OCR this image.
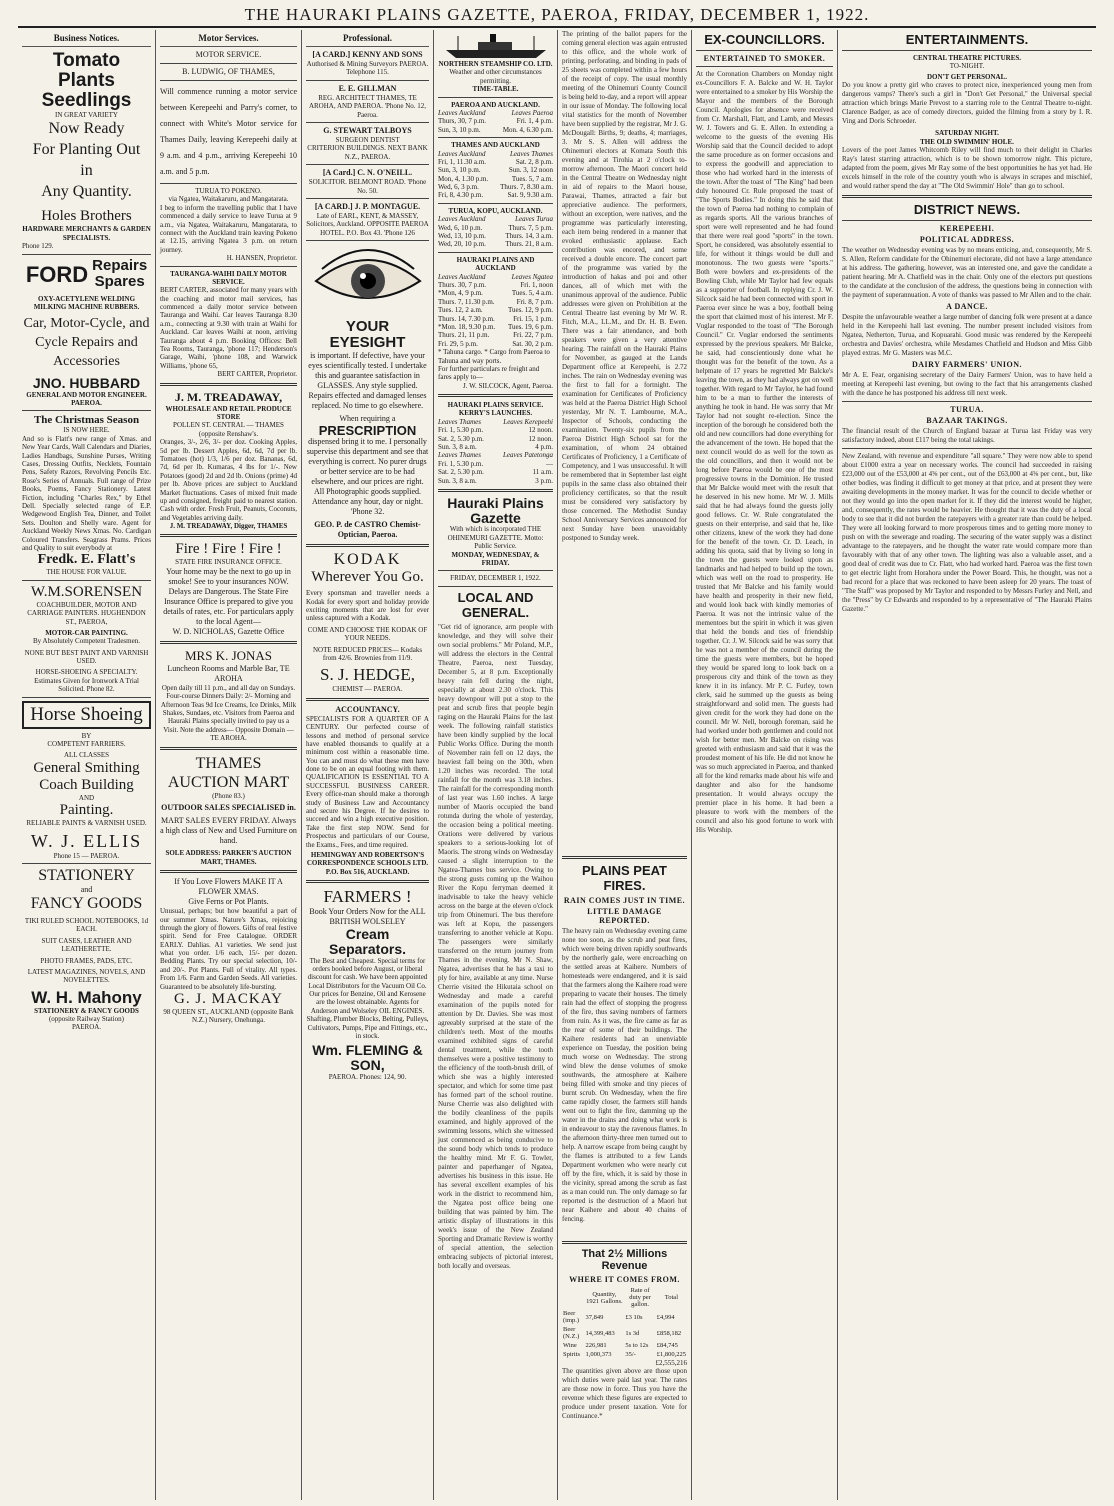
THE HAURAKI PLAINS GAZETTE, PAEROA, FRIDAY, DECEMBER 1, 1922.
Business Notices.
Tomato Plants
Seedlings
IN GREAT VARIETY
Now Ready
For Planting Out
in
Any Quantity.
Holes Brothers
HARDWARE MERCHANTS & GARDEN SPECIALISTS.
Phone 129.
FORD Repairs
Spares
OXY-ACETYLENE WELDING
MILKING MACHINE RUBBERS.
Car, Motor-Cycle, and Cycle Repairs and Accessories
JNO. HUBBARD
GENERAL AND MOTOR ENGINEER. PAEROA.
The Christmas Season
IS NOW HERE.
And so is Flatt's new range of Xmas. and New Year Cards, Wall Calendars and Diaries, Ladies Handbags, Sunshine Purses, Writing Cases, Dressing Outfits, Necklets, Fountain Pens, Safety Razors, Revolving Pencils Etc. Rose's Series of Annuals. Full range of Prize Books, Poems, Fancy Stationery. Latest Fiction, including "Charles Rex," by Ethel Dell. Specially selected range of E.P. Wedgewood English Tea, Dinner, and Toilet Sets. Doulton and Shelly ware. Agent for Auckland Weekly News Xmas. No. Cardigan Coloured Transfers. Seagrass Prams. Prices and Quality to suit everybody at
Fredk. E. Flatt's
THE HOUSE FOR VALUE.
W.M.SORENSEN
COACHBUILDER, MOTOR AND CARRIAGE PAINTERS. HUGHENDON ST., PAEROA,
MOTOR-CAR PAINTING.
By Absolutely Competent Tradesmen.
NONE BUT BEST PAINT AND VARNISH USED.
HORSE-SHOEING A SPECIALTY.
Estimates Given for Ironwork A Trial Solicited. Phone 82.
Horse Shoeing
BY
COMPETENT FARRIERS.
ALL CLASSES
General Smithing
Coach Building
AND
Painting.
RELIABLE PAINTS & VARNISH USED.
W. J. ELLIS
Phone 15 — PAEROA.
STATIONERY
and
FANCY GOODS
TIKI RULED SCHOOL NOTEBOOKS, 1d EACH.
SUIT CASES, LEATHER AND LEATHERETTE.
PHOTO FRAMES, PADS, ETC.
LATEST MAGAZINES, NOVELS, AND NOVELETTES.
W. H. Mahony
STATIONERY & FANCY GOODS
(opposite Railway Station)
PAEROA.
Motor Services.
MOTOR SERVICE.
B. LUDWIG, OF THAMES,
Will commence running a motor service between Kerepeehi and Parry's corner, to connect with White's Motor service for Thames Daily, leaving Kerepeehi daily at 9 a.m. and 4 p.m., arriving Kerepeehi 10 a.m. and 5 p.m.
TURUA TO POKENO.
via Ngatea, Waitakaruru, and Mangatarata.
I beg to inform the travelling public that I have commenced a daily service to leave Turua at 9 a.m., via Ngatea, Waitakaruru, Mangatarata, to connect with the Auckland train leaving Pokeno at 12.15, arriving Ngatea 3 p.m. on return journey.
H. HANSEN, Proprietor.
TAURANGA-WAIHI DAILY MOTOR SERVICE.
BERT CARTER, associated for many years with the coaching and motor mail services, has commenced a daily motor service between Tauranga and Waihi. Car leaves Tauranga 8.30 a.m., connecting at 9.30 with train at Waihi for Auckland. Car leaves Waihi at noon, arriving Tauranga about 4 p.m. Booking Offices: Bell Tea Rooms, Tauranga, 'phone 117; Henderson's Garage, Waihi, 'phone 108, and Warwick Williams, 'phone 65,
BERT CARTER, Proprietor.
J. M. TREADAWAY,
WHOLESALE AND RETAIL PRODUCE STORE
POLLEN ST. CENTRAL — THAMES (opposite Renshaw's.
Oranges, 3/-, 2/6, 3/- per doz. Cooking Apples, 5d per lb. Dessert Apples, 6d, 6d, 7d per lb. Tomatoes (hot) 1/3, 1/6 per doz. Bananas, 6d, 7d, 6d per lb. Kumaras, 4 lbs for 1/-. New Potatoes (good) 2d and 2d lb. Onions (prime) 4d per lb. Above prices are subject to Auckland Market fluctuations. Cases of mixed fruit made up and consigned, freight paid to nearest station. Cash with order. Fresh Fruit, Peanuts, Coconuts, and Vegetables arriving daily.
J. M. TREADAWAY, Digger, THAMES
Fire ! Fire ! Fire !
STATE FIRE INSURANCE OFFICE.
Your home may be the next to go up in smoke! See to your insurances NOW. Delays are Dangerous. The State Fire Insurance Office is prepared to give you details of rates, etc. For particulars apply to the local Agent—
W. D. NICHOLAS, Gazette Office
MRS K. JONAS
Luncheon Rooms and Marble Bar, TE AROHA
Open daily till 11 p.m., and all day on Sundays. Four-course Dinners Daily: 2/- Morning and Afternoon Teas 9d Ice Creams, Ice Drinks, Milk Shakes, Sundaes, etc. Visitors from Paeroa and Hauraki Plains specially invited to pay us a Visit. Note the address— Opposite Domain — TE AROHA.
THAMES AUCTION MART
(Phone 83.)
OUTDOOR SALES SPECIALISED in.
MART SALES EVERY FRIDAY. Always a high class of New and Used Furniture on hand.
SOLE ADDRESS: PARKER'S AUCTION MART, THAMES.
If You Love Flowers MAKE IT A FLOWER XMAS.
Give Ferns or Pot Plants.
Unusual, perhaps; but how beautiful a part of our summer Xmas. Nature's Xmas, rejoicing through the glory of flowers. Gifts of real festive spirit. Send for Free Catalogue. ORDER EARLY. Dahlias. A1 varieties. We send just what you order. 1/6 each, 15/- per dozen. Bedding Plants. Try our special selection, 10/- and 20/-. Pot Plants. Full of vitality. All types. From 1/6. Farm and Garden Seeds. All varieties. Guaranteed to be absolutely life-bursting.
G. J. MACKAY
98 QUEEN ST., AUCKLAND (opposite Bank N.Z.) Nursery, Onehunga.
Professional.
[A CARD.] KENNY AND SONS
Authorised & Mining Surveyors PAEROA. Telephone 115.
E. E. GILLMAN
REG. ARCHITECT THAMES, TE AROHA, AND PAEROA. 'Phone No. 12, Paeroa.
G. STEWART TALBOYS
SURGEON DENTIST
CRITERION BUILDINGS. NEXT BANK N.Z., PAEROA.
[A Card.] C. N. O'NEILL.
SOLICITOR. BELMONT ROAD. 'Phone No. 50.
[A CARD.] J. P. MONTAGUE.
Late of EARL, KENT, & MASSEY, Solicitors, Auckland. OPPOSITE PAEROA HOTEL. P.O. Box 43. 'Phone 126
YOUR EYESIGHT
is important. If defective, have your eyes scientifically tested. I undertake this and guarantee satisfaction in GLASSES. Any style supplied. Repairs effected and damaged lenses replaced. No time to go elsewhere.
When requiring a
PRESCRIPTION
dispensed bring it to me. I personally supervise this department and see that everything is correct. No purer drugs or better service are to be had elsewhere, and our prices are right. All Photographic goods supplied. Attendance any hour, day or night. 'Phone 32.
GEO. P. de CASTRO Chemist-Optician, Paeroa.
KODAK
Wherever You Go.
Every sportsman and traveller needs a Kodak for every sport and holiday provide exciting moments that are lost for ever unless captured with a Kodak.
COME AND CHOOSE THE KODAK OF YOUR NEEDS.
NOTE REDUCED PRICES— Kodaks from 42/6. Brownies from 11/9.
S. J. HEDGE,
CHEMIST — PAEROA.
ACCOUNTANCY.
SPECIALISTS FOR A QUARTER OF A CENTURY. Our perfected course of lessons and method of personal service have enabled thousands to qualify at a minimum cost within a reasonable time. You can and must do what these men have done to be on an equal footing with them. QUALIFICATION IS ESSENTIAL TO A SUCCESSFUL BUSINESS CAREER. Every office-man should make a thorough study of Business Law and Accountancy and secure his Degree. If he desires to succeed and win a high executive position. Take the first step NOW. Send for Prospectus and particulars of our Course, the Exams., Fees, and time required.
HEMINGWAY AND ROBERTSON'S CORRESPONDENCE SCHOOLS LTD. P.O. Box 516, AUCKLAND.
FARMERS !
Book Your Orders Now for the ALL BRITISH WOLSELEY
Cream Separators.
The Best and Cheapest. Special terms for orders booked before August, or liberal discount for cash. We have been appointed Local Distributors for the Vacuum Oil Co. Our prices for Benzine, Oil and Kerosene are the lowest obtainable. Agents for Anderson and Wolseley OIL ENGINES. Shafting, Plumber Blocks, Belting, Pulleys, Cultivators, Pumps, Pipe and Fittings, etc., in stock.
Wm. FLEMING & SON,
PAEROA. Phones: 124, 90.
NORTHERN STEAMSHIP CO. LTD.
Weather and other circumstances permitting.
TIME-TABLE.
PAEROA AND AUCKLAND.
Leaves Auckland	Leaves Paeroa
Thurs, 30, 7 p.m.	Fri. 1, 4 p.m.
Sun, 3, 10 p.m.	Mon. 4, 6.30 p.m.
THAMES AND AUCKLAND
Leaves Auckland	Leaves Thames
Fri, 1, 11.30 a.m.	Sat. 2, 8 p.m.
Sun, 3, 10 p.m.	Sun. 3, 12 noon
Mon, 4, 1.30 p.m.	Tues. 5, 7 a.m.
Wed, 6, 3 p.m.	Thurs. 7, 8.30 a.m.
Fri, 8, 4.30 p.m.	Sat. 9, 9.30 a.m.
TURUA, KOPU, AUCKLAND.
Leaves Auckland	Leaves Turua
Wed, 6, 10 p.m.	Thurs. 7, 5 p.m.
Wed, 13, 10 p.m.	Thurs. 14, 3 a.m.
Wed, 20, 10 p.m.	Thurs. 21, 8 a.m.
HAURAKI PLAINS AND AUCKLAND
Leaves Auckland	Leaves Ngatea
Thurs. 30, 7 p.m.	Fri. 1, noon
*Mon, 4, 9 p.m.	Tues. 5, 4 a.m.
Thurs. 7, 11.30 p.m.	Fri. 8, 7 p.m.
Tues. 12, 2 a.m.	Tues. 12, 9 p.m.
Thurs. 14, 7.30 p.m.	Fri. 15, 1 p.m.
*Mon. 18, 9.30 p.m. Tues. 19, 6 p.m.
Thurs. 21, 11 p.m.	Fri. 22, 7 p.m.
Fri. 29, 5 p.m.	Sat. 30, 2 p.m.
* Tahuna cargo. * Cargo from Paeroa to Tahuna and way ports.
For further particulars re freight and fares apply to—
J. W. SILCOCK, Agent, Paeroa.
HAURAKI PLAINS SERVICE.
KERRY'S LAUNCHES.
Leaves Thames	Leaves Kerepeehi
Fri. 1, 5.30 p.m.	12 noon.
Sat. 2, 5.30 p.m.	12 noon.
Sun. 3, 8 a.m.	4 p.m.
Leaves Thames	Leaves Patetonga
Fri. 1, 5.30 p.m.	—
Sat. 2, 5.30 p.m.	11 a.m.
Sun. 3, 8 a.m.	3 p.m.
Hauraki Plains Gazette
With which is incorporated THE OHINEMURI GAZETTE. Motto: Public Service.
MONDAY, WEDNESDAY, & FRIDAY.
FRIDAY, DECEMBER 1, 1922.
LOCAL AND GENERAL.
"Get rid of ignorance, arm people with knowledge, and they will solve their own social problems." Mr Poland, M.P., will address the electors in the Central Theatre, Paeroa, next Tuesday, December 5, at 8 p.m. Exceptionally heavy rain fell during the night, especially at about 2.30 o'clock. This heavy downpour will put a stop to the peat and scrub fires that people begin raging on the Hauraki Plains for the last week. The following rainfall statistics have been kindly supplied by the local Public Works Office. During the month of November rain fell on 12 days, the heaviest fall being on the 30th, when 1.20 inches was recorded. The total rainfall for the month was 3.18 inches. The rainfall for the corresponding month of last year was 1.60 inches. A large number of Maoris occupied the band rotunda during the whole of yesterday, the occasion being a political meeting. Orations were delivered by various speakers to a serious-looking lot of Maoris. The strong winds on Wednesday caused a slight interruption to the Ngatea-Thames bus service. Owing to the strong gusts coming up the Waihou River the Kopu ferryman deemed it inadvisable to take the heavy vehicle across on the barge at the eleven o'clock trip from Ohinemuri. The bus therefore was left at Kopu, the passengers transferring to another vehicle at Kopu. The passengers were similarly transferred on the return journey from Thames in the evening. Mr N. Shaw, Ngatea, advertises that he has a taxi to ply for hire, available at any time. Nurse Cherrie visited the Hikutaia school on Wednesday and made a careful examination of the pupils noted for attention by Dr. Davies. She was most agreeably surprised at the state of the children's teeth. Most of the mouths examined exhibited signs of careful dental treatment, while the tooth themselves were a positive testimony to the efficiency of the tooth-brush drill, of which she was a highly interested spectator, and which for some time past has formed part of the school routine. Nurse Cherrie was also delighted with the bodily cleanliness of the pupils examined, and highly approved of the swimming lessons, which she witnessed just commenced as being conducive to the sound body which tends to produce the healthy mind. Mr F. G. Towler, painter and paperhanger of Ngatea, advertises his business in this issue. He has several excellent examples of his work in the district to recommend him, the Ngatea post office being one building that was painted by him. The artistic display of illustrations in this week's issue of the New Zealand Sporting and Dramatic Review is worthy of special attention, the selection embracing subjects of pictorial interest, both locally and overseas.
The printing of the ballot papers for the coming general election was again entrusted to this office, and the whole work of printing, perforating, and binding in pads of 25 sheets was completed within a few hours of the receipt of copy. The usual monthly meeting of the Ohinemuri County Council is being held to-day, and a report will appear in our issue of Monday. The following local vital statistics for the month of November have been supplied by the registrar, Mr J. G. McDougall: Births, 9; deaths, 4; marriages, 3. Mr S. S. Allen will address the Ohinemuri electors at Komata South this evening and at Tirohia at 2 o'clock to-morrow afternoon. The Maori concert held in the Central Theatre on Wednesday night in aid of repairs to the Maori house, Parawai, Thames, attracted a fair but appreciative audience. The performers, without an exception, were natives, and the programme was particularly interesting, each item being rendered in a manner that evoked enthusiastic applause. Each contribution was encored, and some received a double encore. The concert part of the programme was varied by the introduction of hakas and poi and other dances, all of which met with the unanimous approval of the audience. Public addresses were given on Prohibition at the Central Theatre last evening by Mr W. R. Fitch, M.A., LL.M., and Dr. H. B. Ewen. There was a fair attendance, and both speakers were given a very attentive hearing. The rainfall on the Hauraki Plains for November, as gauged at the Lands Department office at Kerepeehi, is 2.72 inches. The rain on Wednesday evening was the first to fall for a fortnight. The examination for Certificates of Proficiency was held at the Paeroa District High School yesterday, Mr N. T. Lambourne, M.A., Inspector of Schools, conducting the examination. Twenty-six pupils from the Paeroa District High School sat for the examination, of whom 24 obtained Certificates of Proficiency, 1 a Certificate of Competency, and 1 was unsuccessful. It will be remembered that in September last eight pupils in the same class also obtained their proficiency certificates, so that the result must be considered very satisfactory by those concerned. The Methodist Sunday School Anniversary Services announced for next Sunday have been unavoidably postponed to Sunday week.
PLAINS PEAT FIRES.
RAIN COMES JUST IN TIME.
LITTLE DAMAGE REPORTED.
The heavy rain on Wednesday evening came none too soon, as the scrub and peat fires, which were being driven rapidly southwards by the northerly gale, were encroaching on the settled areas at Kaihere. Numbers of homesteads were endangered, and it is said that the farmers along the Kaihere road were preparing to vacate their houses. The timely rain had the effect of stopping the progress of the fire, thus saving numbers of farmers from ruin. As it was, the fire came as far as the rear of some of their buildings. The Kaihere residents had an unenviable experience on Tuesday, the position being much worse on Wednesday. The strong wind blew the dense volumes of smoke southwards, the atmosphere at Kaihere being filled with smoke and tiny pieces of burnt scrub. On Wednesday, when the fire came rapidly closer, the farmers still hands went out to fight the fire, damming up the water in the drains and doing what work is in endeavour to stay the ravenous flames. In the afternoon thirty-three men turned out to help. A narrow escape from being caught by the flames is attributed to a few Lands Department workmen who were nearly cut off by the fire, which, it is said by those in the vicinity, spread among the scrub as fast as a man could run. The only damage so far reported is the destruction of a Maori hut near Kaihere and about 40 chains of fencing.
That 2½ Millions Revenue
WHERE IT COMES FROM.
	Quantity, 1921 Gallons.	Rate of duty per gallon.	Total
Beer (imp.)	37,849	£3 10s	£4,994
Beer (N.Z.)	14,399,483	1s 3d	£858,182
Wine	226,981	5s to 12s	£84,745
Spirits	1,000,373	35/-	£1,800,225
£2,555,216
The quantities given above are those upon which duties were paid last year. The rates are those now in force. Thus you have the revenue which these figures are expected to produce under present taxation. Vote for Continuance.*
EX-COUNCILLORS.
ENTERTAINED TO SMOKER.
At the Coronation Chambers on Monday night ex-Councillors F. A. Balcke and W. H. Taylor were entertained to a smoker by His Worship the Mayor and the members of the Borough Council. Apologies for absence were received from Cr. Marshall, Flatt, and Lamb, and Messrs W. J. Towers and G. E. Allen. In extending a welcome to the guests of the evening His Worship said that the Council decided to adopt the same procedure as on former occasions and to express the goodwill and appreciation to those who had worked hard in the interests of the town. After the toast of "The King" had been duly honoured Cr. Rule proposed the toast of "The Sports Bodies." In doing this he said that the town of Paeroa had nothing to complain of as regards sports. All the various branches of sport were well represented and he had found that there were real good "sports" in the town. Sport, he considered, was absolutely essential to life, for without it things would be dull and monotonous. The two guests were "sports." Both were bowlers and ex-presidents of the Bowling Club, while Mr Taylor had few equals as a supporter of football. In replying Cr. J. W. Silcock said he had been connected with sport in Paeroa ever since he was a boy, football being the sport that claimed most of his interest. Mr F. Vuglar responded to the toast of "The Borough Council." Cr. Vuglar endorsed the sentiments expressed by the previous speakers. Mr Balcke, he said, had conscientiously done what he thought was for the benefit of the town. As a helpmate of 17 years he regretted Mr Balcke's leaving the town, as they had always got on well together. With regard to Mr Taylor, he had found him to be a man to further the interests of anything he took in hand. He was sorry that Mr Taylor had not sought re-election. Since the inception of the borough he considered both the old and new councillors had done everything for the advancement of the town. He hoped that the next council would do as well for the town as the old councillors, and then it would not be long before Paeroa would be one of the most progressive towns in the Dominion. He trusted that Mr Balcke would meet with the result that he deserved in his new home. Mr W. J. Mills said that he had always found the guests jolly good fellows. Cr. W. Rule congratulated the guests on their enterprise, and said that he, like other citizens, knew of the work they had done for the benefit of the town. Cr. D. Leach, in adding his quota, said that by living so long in the town the guests were looked upon as landmarks and had helped to build up the town, which was well on the road to prosperity. He trusted that Mr Balcke and his family would have health and prosperity in their new field, and would look back with kindly memories of Paeroa. It was not the intrinsic value of the mementoes but the spirit in which it was given that held the bonds and ties of friendship together. Cr. J. W. Silcock said he was sorry that he was not a member of the council during the time the guests were members, but he hoped they would be spared long to look back on a prosperous city and think of the town as they knew it in its infancy. Mr P. C. Furley, town clerk, said he summed up the guests as being straightforward and solid men. The guests had given credit for the work they had done on the council. Mr W. Nell, borough foreman, said he had worked under both gentlemen and could not wish for better men. Mr Balcke on rising was greeted with enthusiasm and said that it was the proudest moment of his life. He did not know he was so much appreciated in Paeroa, and thanked all for the kind remarks made about his wife and daughter and also for the handsome presentation. It would always occupy the premier place in his home. It had been a pleasure to work with the members of the council and also his good fortune to work with His Worship.
ENTERTAINMENTS.
CENTRAL THEATRE PICTURES.
TO-NIGHT.
DON'T GET PERSONAL.
Do you know a pretty girl who craves to protect nice, inexperienced young men from dangerous vamps? There's such a girl in "Don't Get Personal," the Universal special attraction which brings Marie Prevost to a starring role to the Central Theatre to-night. Clarence Badger, as ace of comedy directors, guided the filming from a story by I. R. Ving and Doris Schroeder.
SATURDAY NIGHT.
THE OLD SWIMMIN' HOLE.
Lovers of the poet James Whitcomb Riley will find much to their delight in Charles Ray's latest starring attraction, which is to be shown tomorrow night. This picture, adapted from the poem, gives Mr Ray some of the best opportunities he has yet had. He excels himself in the role of the country youth who is always in scrapes and mischief, and would rather spend the day at "The Old Swimmin' Hole" than go to school.
DISTRICT NEWS.
KEREPEEHI.
POLITICAL ADDRESS.
The weather on Wednesday evening was by no means enticing, and, consequently, Mr S. S. Allen, Reform candidate for the Ohinemuri electorate, did not have a large attendance at his address. The gathering, however, was an interested one, and gave the candidate a patient hearing. Mr A. Chatfield was in the chair. Only one of the electors put questions to the candidate at the conclusion of the address, the questions being in connection with the payment of superannuation. A vote of thanks was passed to Mr Allen and to the chair.
A DANCE.
Despite the unfavourable weather a large number of dancing folk were present at a dance held in the Kerepeehi hall last evening. The number present included visitors from Ngatea, Netherton, Turua, and Kopuarahi. Good music was rendered by the Kerepeehi orchestra and Davies' orchestra, while Mesdames Chatfield and Hudson and Miss Gibb played extras. Mr G. Masters was M.C.
DAIRY FARMERS' UNION.
Mr A. E. Fear, organising secretary of the Dairy Farmers' Union, was to have held a meeting at Kerepeehi last evening, but owing to the fact that his arrangements clashed with the dance he has postponed his address till next week.
TURUA.
BAZAAR TAKINGS.
The financial result of the Church of England bazaar at Turua last Friday was very satisfactory indeed, about £117 being the total takings.
New Zealand, with revenue and expenditure "all square." They were now able to spend about £1000 extra a year on necessary works. The council had succeeded in raising £23,000 out of the £53,000 at 4⅝ per cent., out of the £63,000 at 4⅝ per cent., but, like other bodies, was finding it difficult to get money at that price, and at present they were awaiting developments in the money market. It was for the council to decide whether or not they would go into the open market for it. If they did the interest would be higher, and, consequently, the rates would be heavier. He thought that it was the duty of a local body to see that it did not burden the ratepayers with a greater rate than could be helped. They were all looking forward to more prosperous times and to getting more money to push on with the sewerage and roading. The securing of the water supply was a distinct advantage to the ratepayers, and he thought the water rate would compare more than favourably with that of any other town. The lighting was also a valuable asset, and a good deal of credit was due to Cr. Flatt, who had worked hard. Paeroa was the first town to get electric light from Horahora under the Power Board. This, he thought, was not a bad record for a place that was reckoned to have been asleep for 20 years. The toast of "The Staff" was proposed by Mr Taylor and responded to by Messrs Furley and Nell, and the "Press" by Cr Edwards and responded to by a representative of "The Hauraki Plains Gazette."
